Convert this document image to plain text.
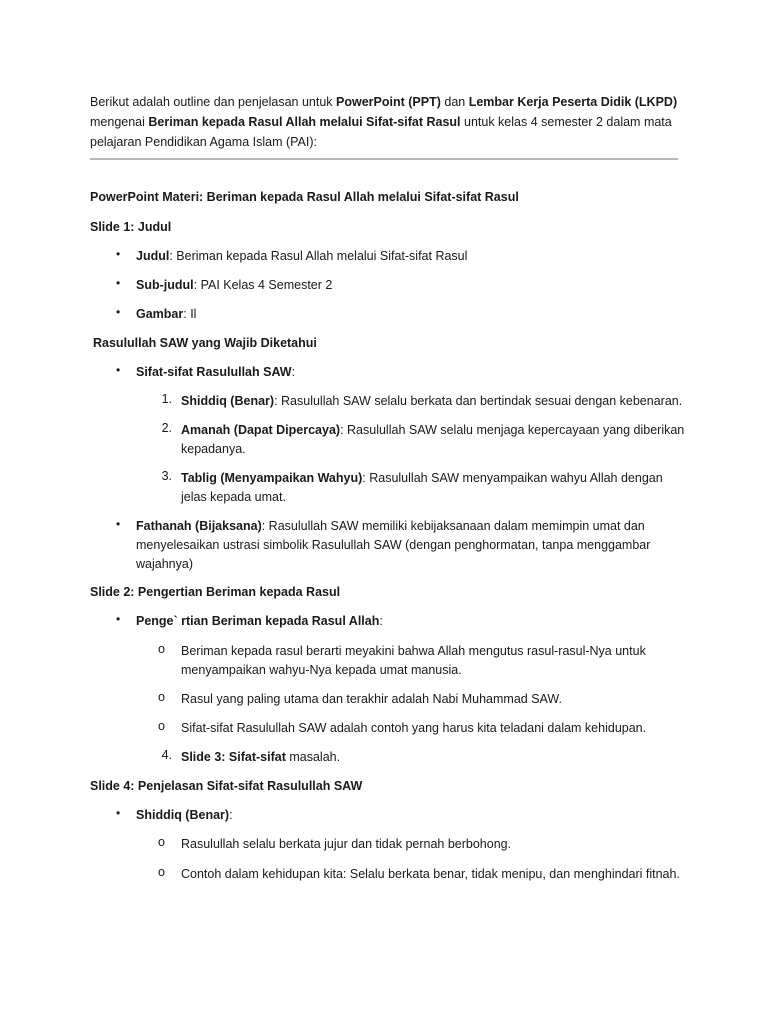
Berikut adalah outline dan penjelasan untuk PowerPoint (PPT) dan Lembar Kerja Peserta Didik (LKPD) mengenai Beriman kepada Rasul Allah melalui Sifat-sifat Rasul untuk kelas 4 semester 2 dalam mata pelajaran Pendidikan Agama Islam (PAI):
PowerPoint Materi: Beriman kepada Rasul Allah melalui Sifat-sifat Rasul
Slide 1: Judul
• Judul: Beriman kepada Rasul Allah melalui Sifat-sifat Rasul
• Sub-judul: PAI Kelas 4 Semester 2
• Gambar: Il
Rasulullah SAW yang Wajib Diketahui
• Sifat-sifat Rasulullah SAW:
1. Shiddiq (Benar): Rasulullah SAW selalu berkata dan bertindak sesuai dengan kebenaran.
2. Amanah (Dapat Dipercaya): Rasulullah SAW selalu menjaga kepercayaan yang diberikan kepadanya.
3. Tablig (Menyampaikan Wahyu): Rasulullah SAW menyampaikan wahyu Allah dengan jelas kepada umat.
• Fathanah (Bijaksana): Rasulullah SAW memiliki kebijaksanaan dalam memimpin umat dan menyelesaikan ustrasi simbolik Rasulullah SAW (dengan penghormatan, tanpa menggambar wajahnya)
Slide 2: Pengertian Beriman kepada Rasul
• Penge` rtian Beriman kepada Rasul Allah:
o Beriman kepada rasul berarti meyakini bahwa Allah mengutus rasul-rasul-Nya untuk menyampaikan wahyu-Nya kepada umat manusia.
o Rasul yang paling utama dan terakhir adalah Nabi Muhammad SAW.
o Sifat-sifat Rasulullah SAW adalah contoh yang harus kita teladani dalam kehidupan.
4. Slide 3: Sifat-sifat masalah.
Slide 4: Penjelasan Sifat-sifat Rasulullah SAW
• Shiddiq (Benar):
o Rasulullah selalu berkata jujur dan tidak pernah berbohong.
o Contoh dalam kehidupan kita: Selalu berkata benar, tidak menipu, dan menghindari fitnah.
